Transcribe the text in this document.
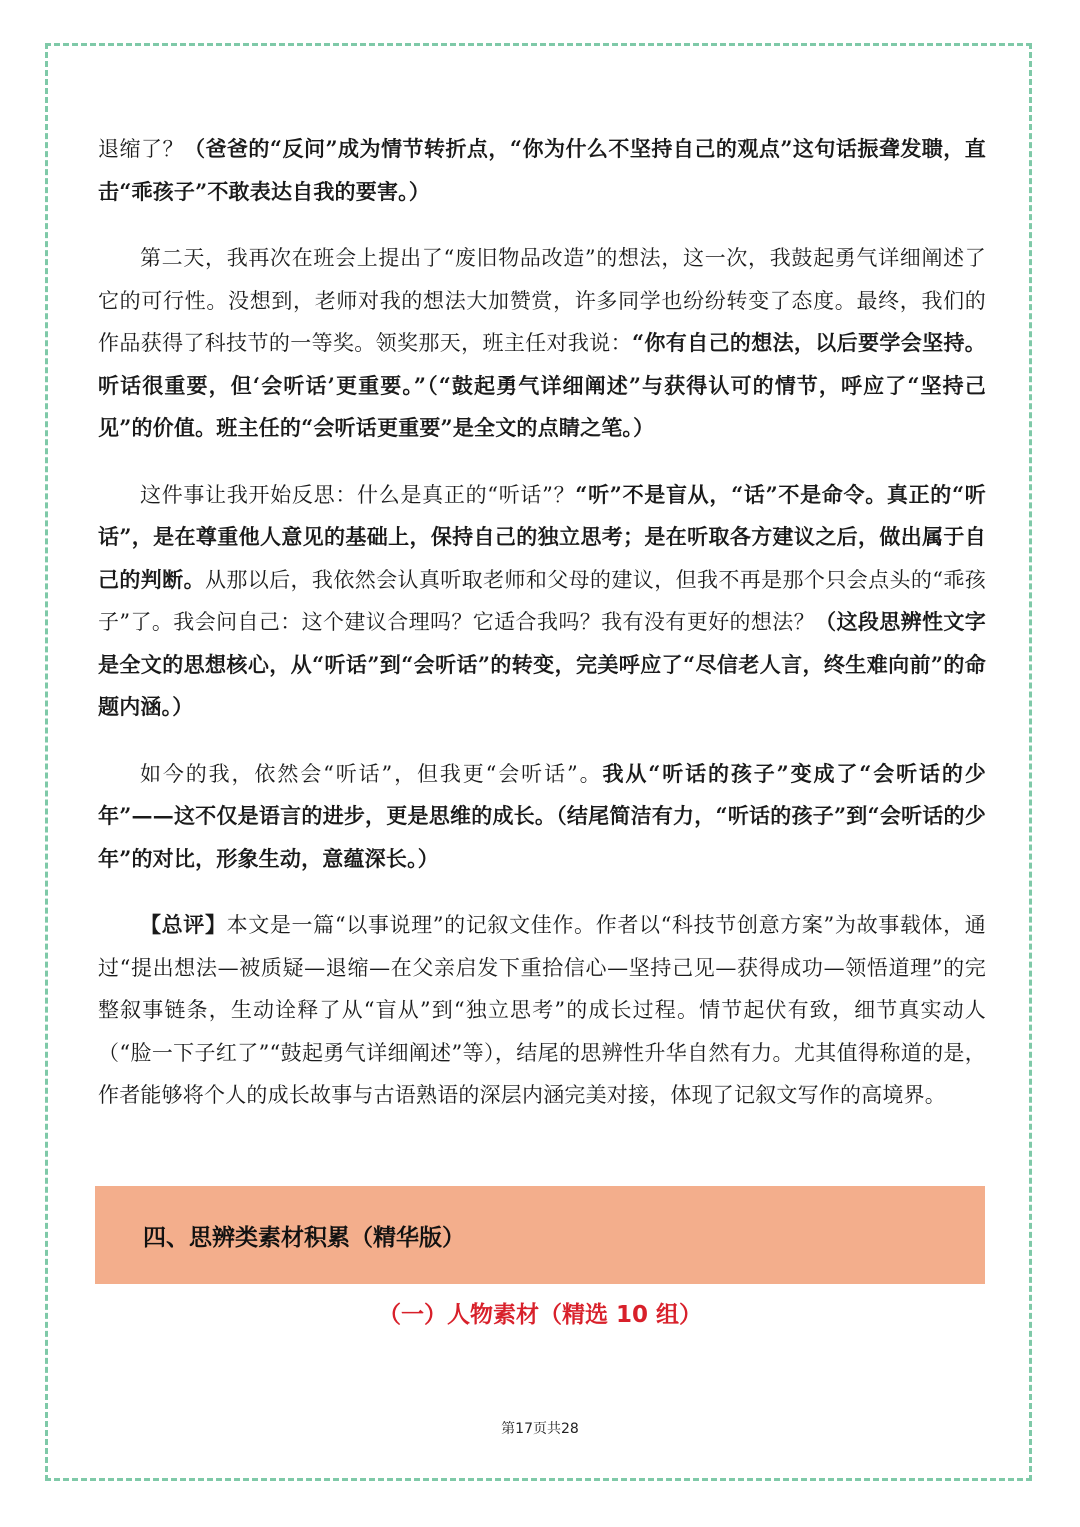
退缩了？（爸爸的“反问”成为情节转折点，“你为什么不坚持自己的观点”这句话振聋发聩，直击“乖孩子”不敢表达自我的要害。）

第二天，我再次在班会上提出了“废旧物品改造”的想法，这一次，我鼓起勇气详细阐述了它的可行性。没想到，老师对我的想法大加赞赏，许多同学也纷纷转变了态度。最终，我们的作品获得了科技节的一等奖。领奖那天，班主任对我说：“你有自己的想法，以后要学会坚持。听话很重要，但‘会听话’更重要。”（“鼓起勇气详细阐述”与获得认可的情节，呼应了“坚持己见”的价值。班主任的“会听话更重要”是全文的点睛之笔。）

这件事让我开始反思：什么是真正的“听话”？“听”不是盲从，“话”不是命令。真正的“听话”，是在尊重他人意见的基础上，保持自己的独立思考；是在听取各方建议之后，做出属于自己的判断。从那以后，我依然会认真听取老师和父母的建议，但我不再是那个只会点头的“乖孩子”了。我会问自己：这个建议合理吗？它适合我吗？我有没有更好的想法？（这段思辨性文字是全文的思想核心，从“听话”到“会听话”的转变，完美呼应了“尽信老人言，终生难向前”的命题内涵。）

如今的我，依然会“听话”，但我更“会听话”。我从“听话的孩子”变成了“会听话的少年”——这不仅是语言的进步，更是思维的成长。（结尾简洁有力，“听话的孩子”到“会听话的少年”的对比，形象生动，意蕴深长。）

【总评】本文是一篇“以事说理”的记叙文佳作。作者以“科技节创意方案”为故事载体，通过“提出想法—被质疑—退缩—在父亲启发下重拾信心—坚持己见—获得成功—领悟道理”的完整叙事链条，生动诠释了从“盲从”到“独立思考”的成长过程。情节起伏有致，细节真实动人（“脸一下子红了”“鼓起勇气详细阐述”等），结尾的思辨性升华自然有力。尤其值得称道的是，作者能够将个人的成长故事与古语熟语的深层内涵完美对接，体现了记叙文写作的高境界。

四、思辨类素材积累（精华版）
（一）人物素材（精选 10 组）
第17页共28
